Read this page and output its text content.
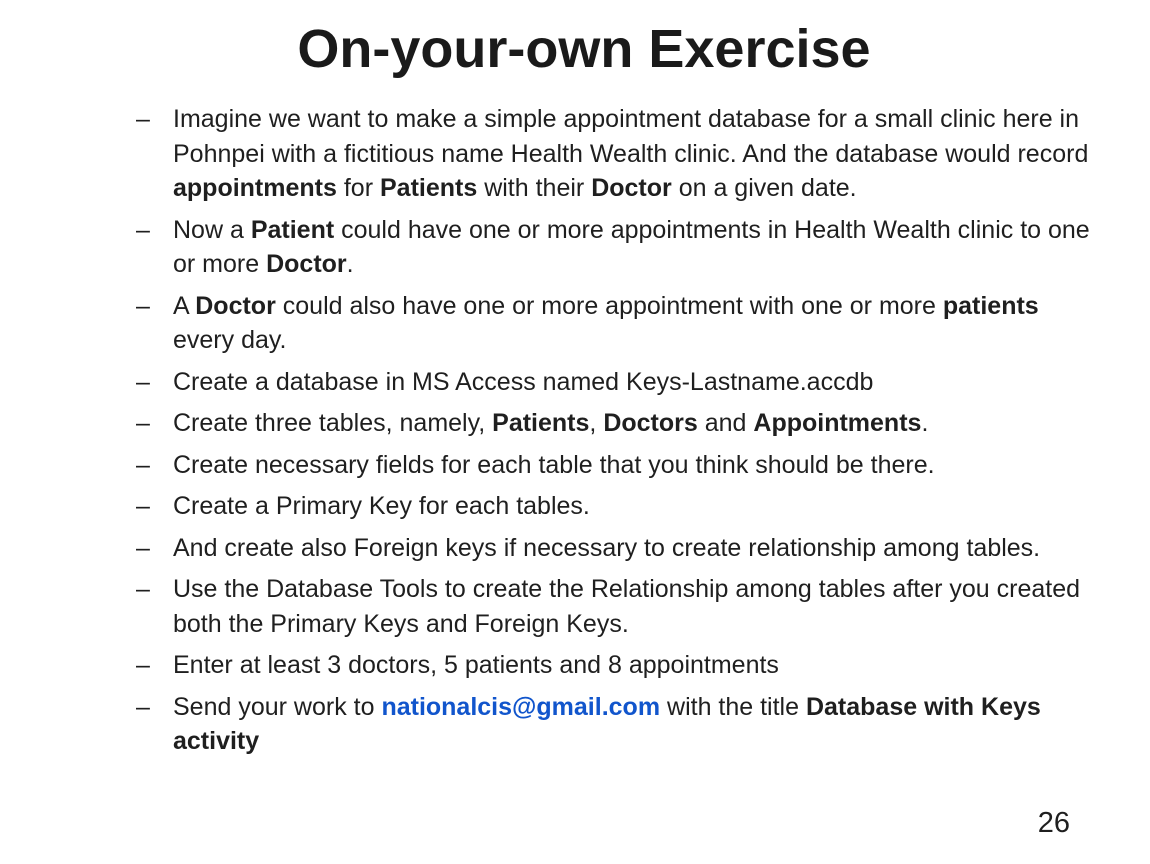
On-your-own Exercise
– Imagine we want to make a simple appointment database for a small clinic here in Pohnpei with a fictitious name Health Wealth clinic. And the database would record appointments for Patients with their Doctor on a given date.
– Now a Patient could have one or more appointments in Health Wealth clinic to one or more Doctor.
– A Doctor could also have one or more appointment with one or more patients every day.
– Create a database in MS Access named Keys-Lastname.accdb
– Create three tables, namely, Patients, Doctors and Appointments.
– Create necessary fields for each table that you think should be there.
– Create a Primary Key for each tables.
– And create also Foreign keys if necessary to create relationship among tables.
– Use the Database Tools to create the Relationship among tables after you created both the Primary Keys and Foreign Keys.
– Enter at least 3 doctors, 5 patients and 8 appointments
– Send your work to nationalcis@gmail.com with the title Database with Keys activity
26
